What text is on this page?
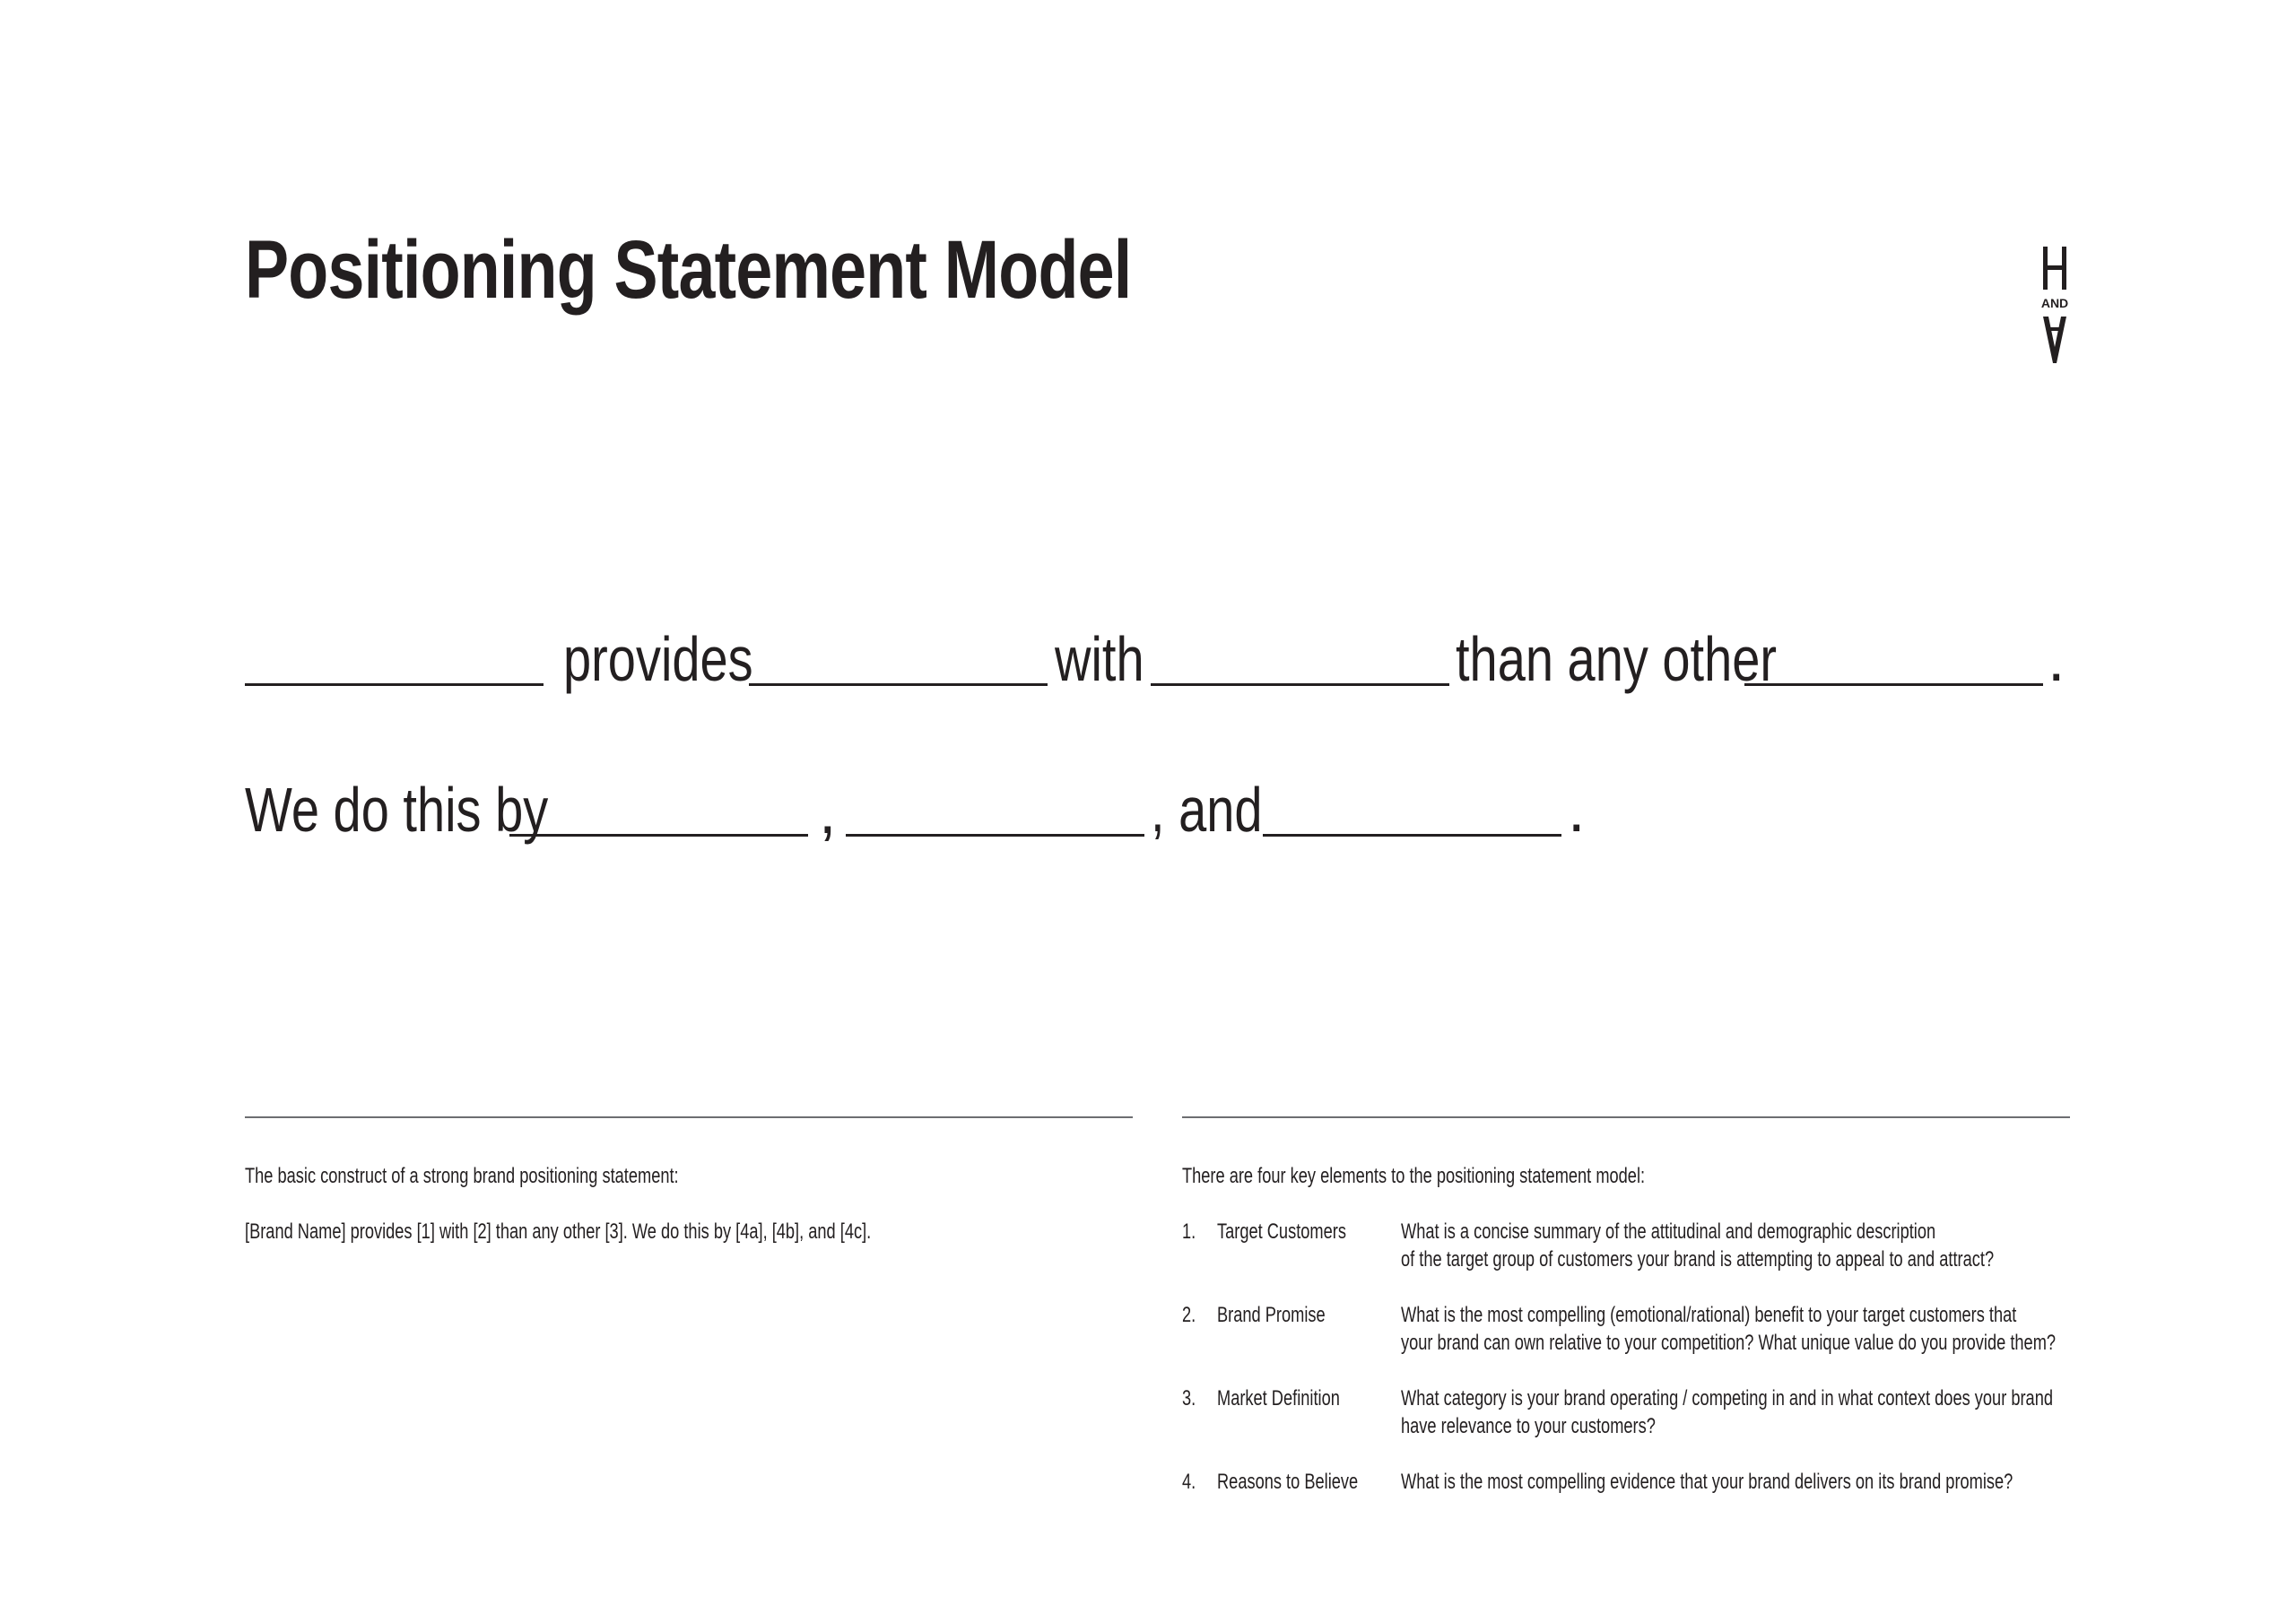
Positioning Statement Model	AND
provides	with	than any other	.
We do this by	,	, and	.
The basic construct of a strong brand positioning statement:
[Brand Name] provides [1] with [2] than any other [3]. We do this by [4a], [4b], and [4c].
There are four key elements to the positioning statement model:
1. Target Customers	What is a concise summary of the attitudinal and demographic description
of the target group of customers your brand is attempting to appeal to and attract?
2. Brand Promise	What is the most compelling (emotional/rational) benefit to your target customers that
your brand can own relative to your competition? What unique value do you provide them?
3. Market Definition	What category is your brand operating / competing in and in what context does your brand
have relevance to your customers?
4. Reasons to Believe	What is the most compelling evidence that your brand delivers on its brand promise?
